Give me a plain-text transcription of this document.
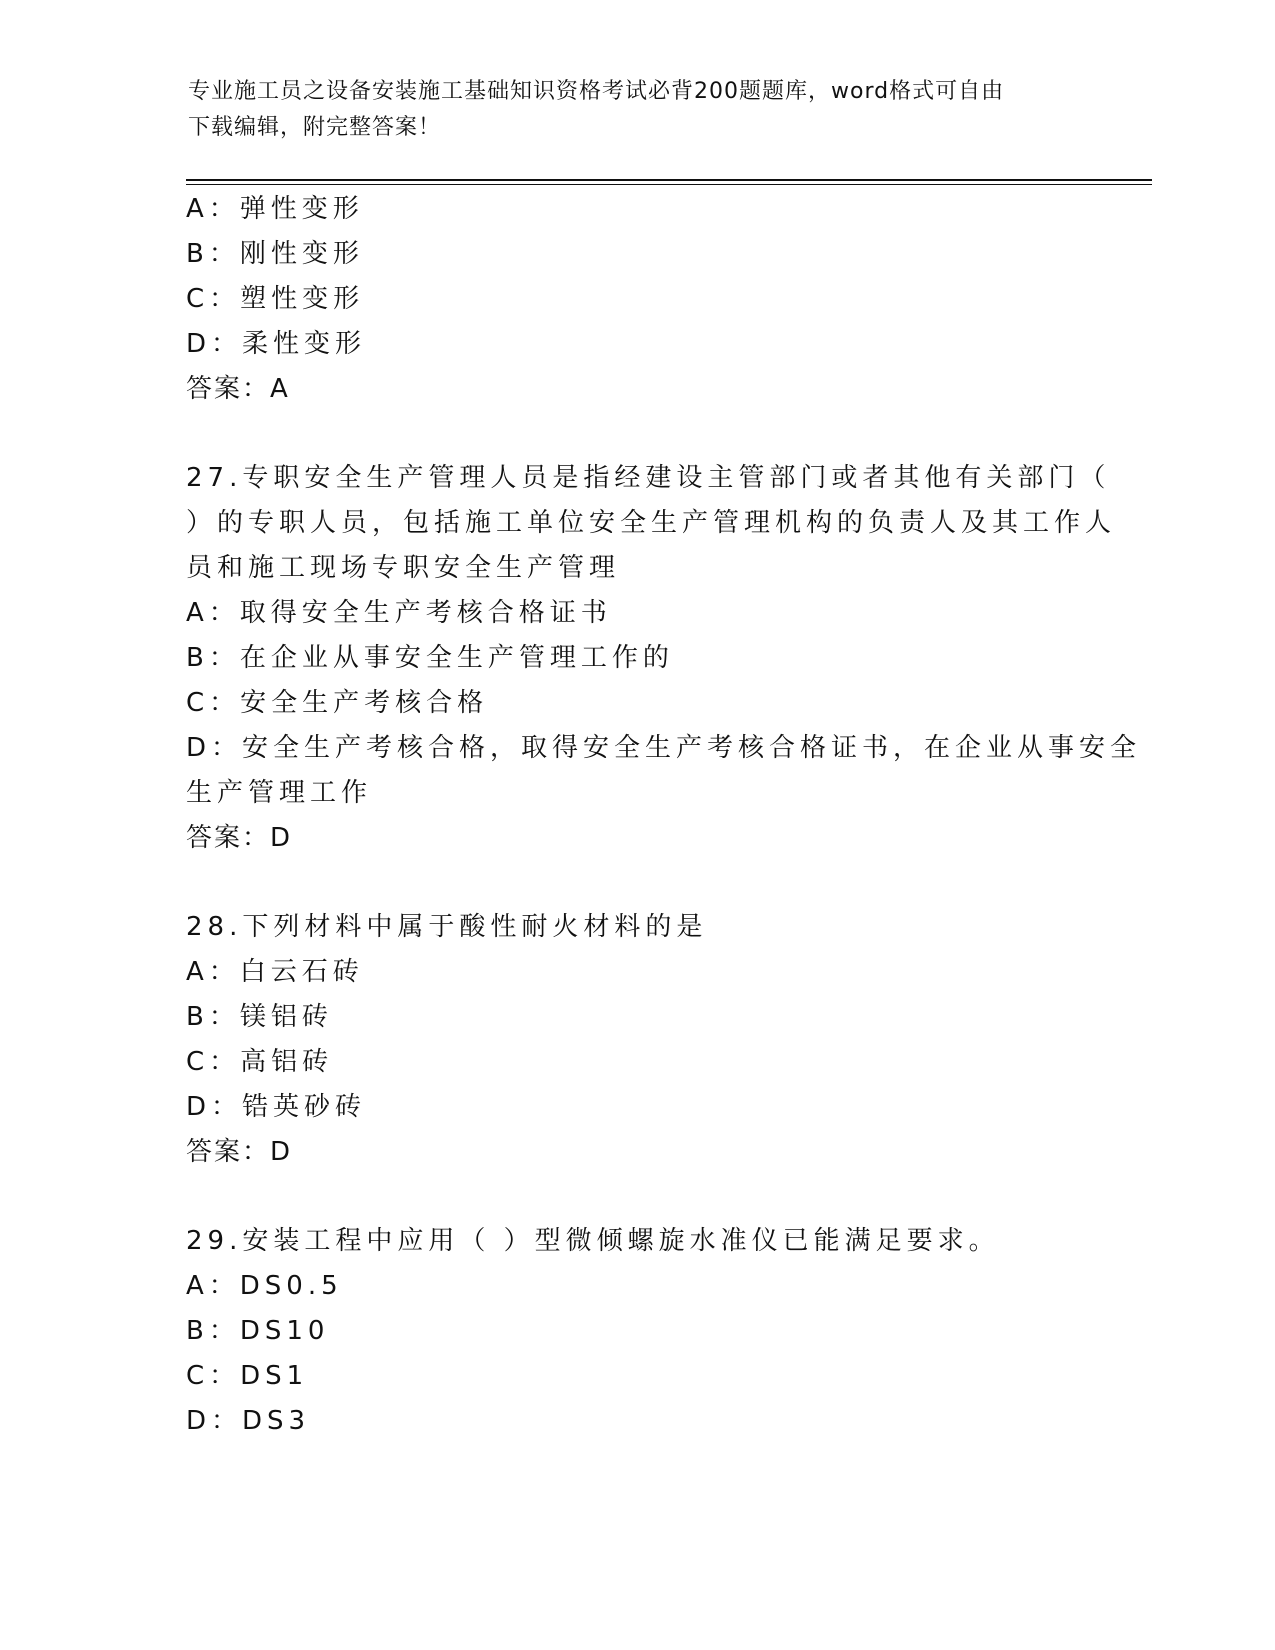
专业施工员之设备安装施工基础知识资格考试必背200题题库，word格式可自由
下载编辑，附完整答案！
A：弹性变形
B：刚性变形
C：塑性变形
D：柔性变形
答案：A
27.专职安全生产管理人员是指经建设主管部门或者其他有关部门（
）的专职人员，包括施工单位安全生产管理机构的负责人及其工作人
员和施工现场专职安全生产管理
A：取得安全生产考核合格证书
B：在企业从事安全生产管理工作的
C：安全生产考核合格
D：安全生产考核合格，取得安全生产考核合格证书，在企业从事安全
生产管理工作
答案：D
28.下列材料中属于酸性耐火材料的是
A：白云石砖
B：镁铝砖
C：高铝砖
D：锆英砂砖
答案：D
29.安装工程中应用（ ）型微倾螺旋水准仪已能满足要求。
A：DS0.5
B：DS10
C：DS1
D：DS3
